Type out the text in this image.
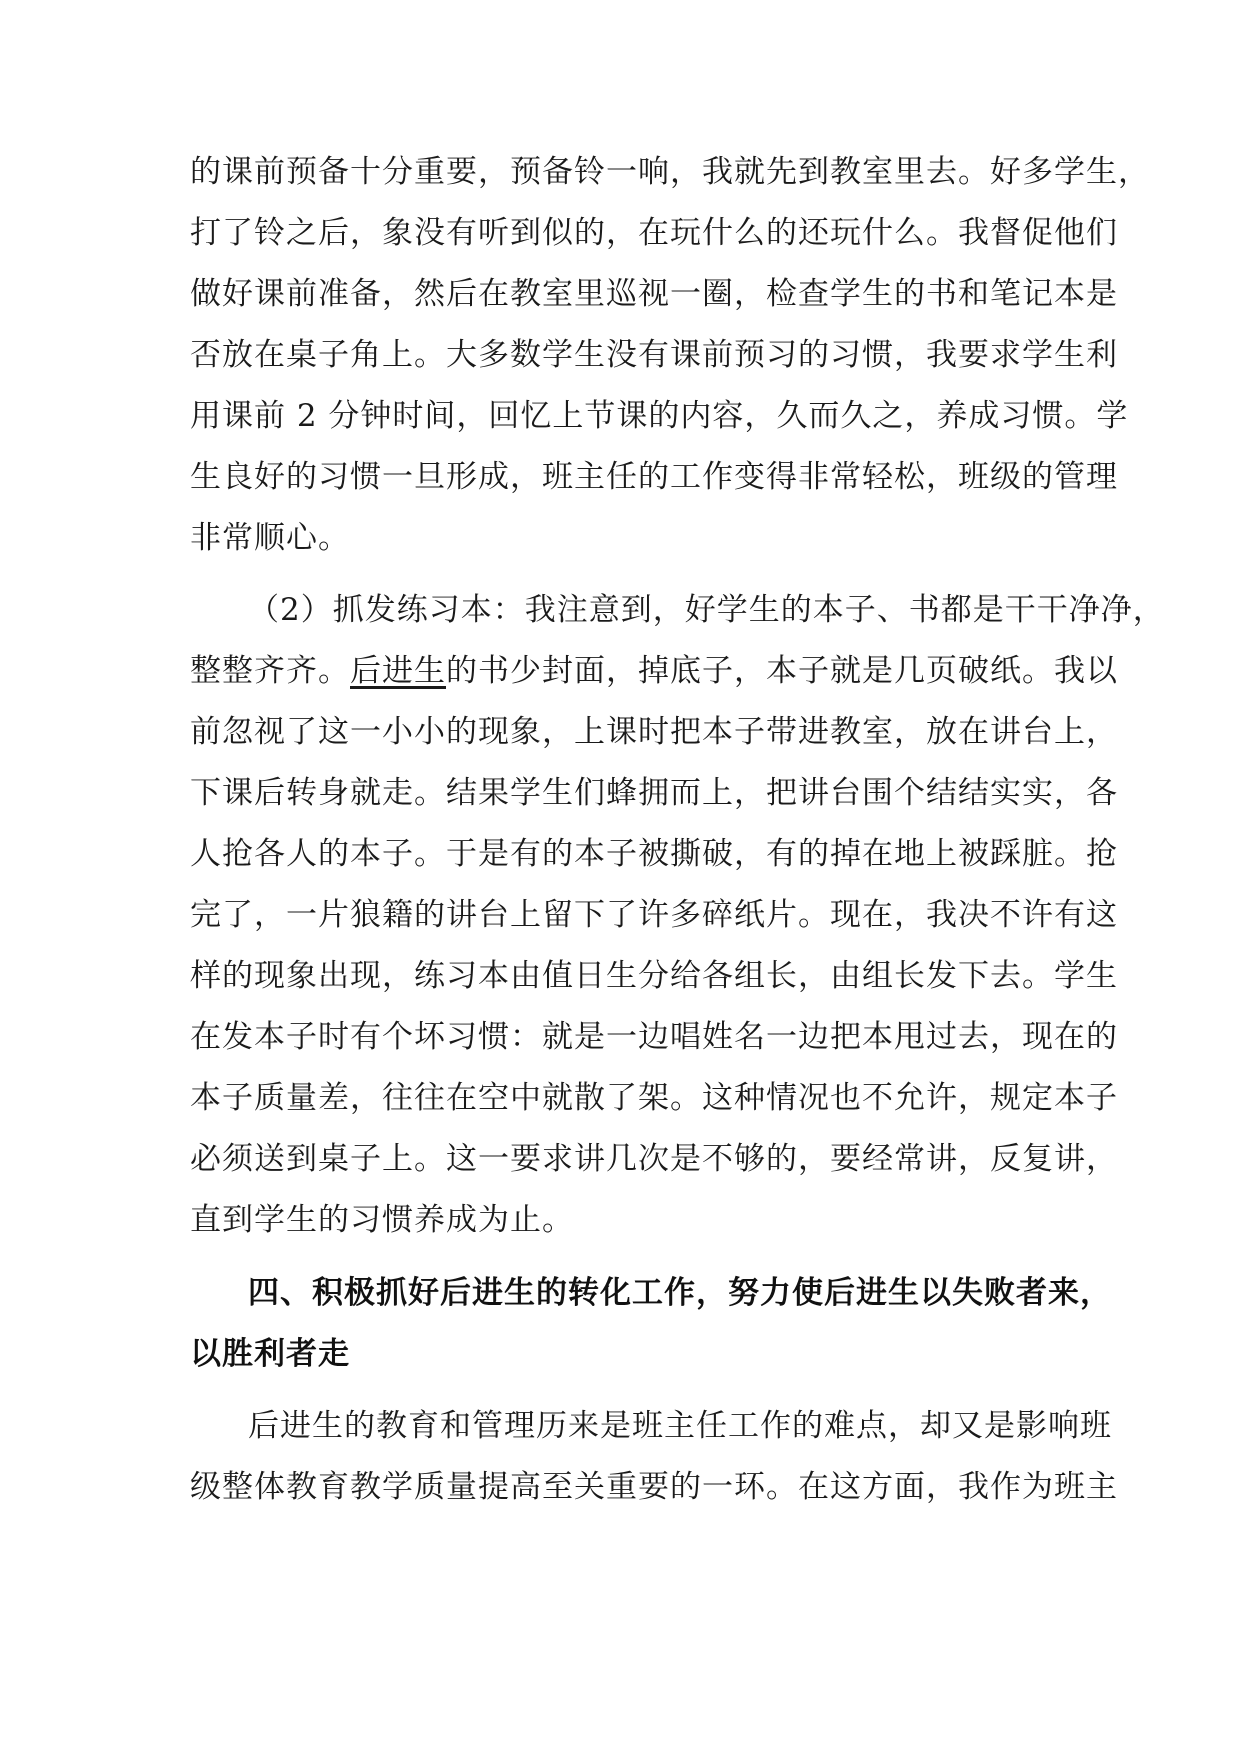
的课前预备十分重要，预备铃一响，我就先到教室里去。好多学生，
打了铃之后，象没有听到似的，在玩什么的还玩什么。我督促他们
做好课前准备，然后在教室里巡视一圈，检查学生的书和笔记本是
否放在桌子角上。大多数学生没有课前预习的习惯，我要求学生利
用课前 2 分钟时间，回忆上节课的内容，久而久之，养成习惯。学
生良好的习惯一旦形成，班主任的工作变得非常轻松，班级的管理
非常顺心。
（2）抓发练习本：我注意到，好学生的本子、书都是干干净净，
整整齐齐。后进生的书少封面，掉底子，本子就是几页破纸。我以
前忽视了这一小小的现象，上课时把本子带进教室，放在讲台上，
下课后转身就走。结果学生们蜂拥而上，把讲台围个结结实实，各
人抢各人的本子。于是有的本子被撕破，有的掉在地上被踩脏。抢
完了，一片狼籍的讲台上留下了许多碎纸片。现在，我决不许有这
样的现象出现，练习本由值日生分给各组长，由组长发下去。学生
在发本子时有个坏习惯：就是一边唱姓名一边把本甩过去，现在的
本子质量差，往往在空中就散了架。这种情况也不允许，规定本子
必须送到桌子上。这一要求讲几次是不够的，要经常讲，反复讲，
直到学生的习惯养成为止。
四、积极抓好后进生的转化工作，努力使后进生以失败者来，
以胜利者走
后进生的教育和管理历来是班主任工作的难点，却又是影响班
级整体教育教学质量提高至关重要的一环。在这方面，我作为班主
